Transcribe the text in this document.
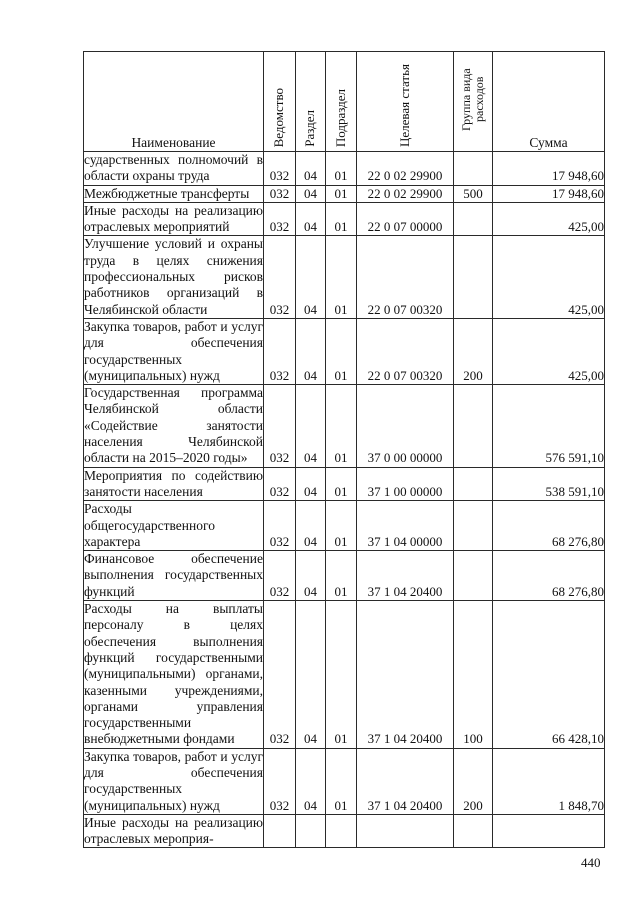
Наименование	Ведомство	Раздел	Подраздел	Целевая статья	Группа вида расходов	Сумма
сударственных полномочий в области охраны труда	032	04	01	22 0 02 29900		17 948,60
Межбюджетные трансферты	032	04	01	22 0 02 29900	500	17 948,60
Иные расходы на реализацию отраслевых мероприятий	032	04	01	22 0 07 00000		425,00
Улучшение условий и охраны труда в целях снижения профессиональных рисков работников организаций в Челябинской области	032	04	01	22 0 07 00320		425,00
Закупка товаров, работ и услуг для обеспечения государственных (муниципальных) нужд	032	04	01	22 0 07 00320	200	425,00
Государственная программа Челябинской области «Содействие занятости населения Челябинской области на 2015–2020 годы»	032	04	01	37 0 00 00000		576 591,10
Мероприятия по содействию занятости населения	032	04	01	37 1 00 00000		538 591,10
Расходы общегосударственного характера	032	04	01	37 1 04 00000		68 276,80
Финансовое обеспечение выполнения государственных функций	032	04	01	37 1 04 20400		68 276,80
Расходы на выплаты персоналу в целях обеспечения выполнения функций государственными (муниципальными) органами, казенными учреждениями, органами управления государственными внебюджетными фондами	032	04	01	37 1 04 20400	100	66 428,10
Закупка товаров, работ и услуг для обеспечения государственных (муниципальных) нужд	032	04	01	37 1 04 20400	200	1 848,70
Иные расходы на реализацию отраслевых мероприя-						
440
